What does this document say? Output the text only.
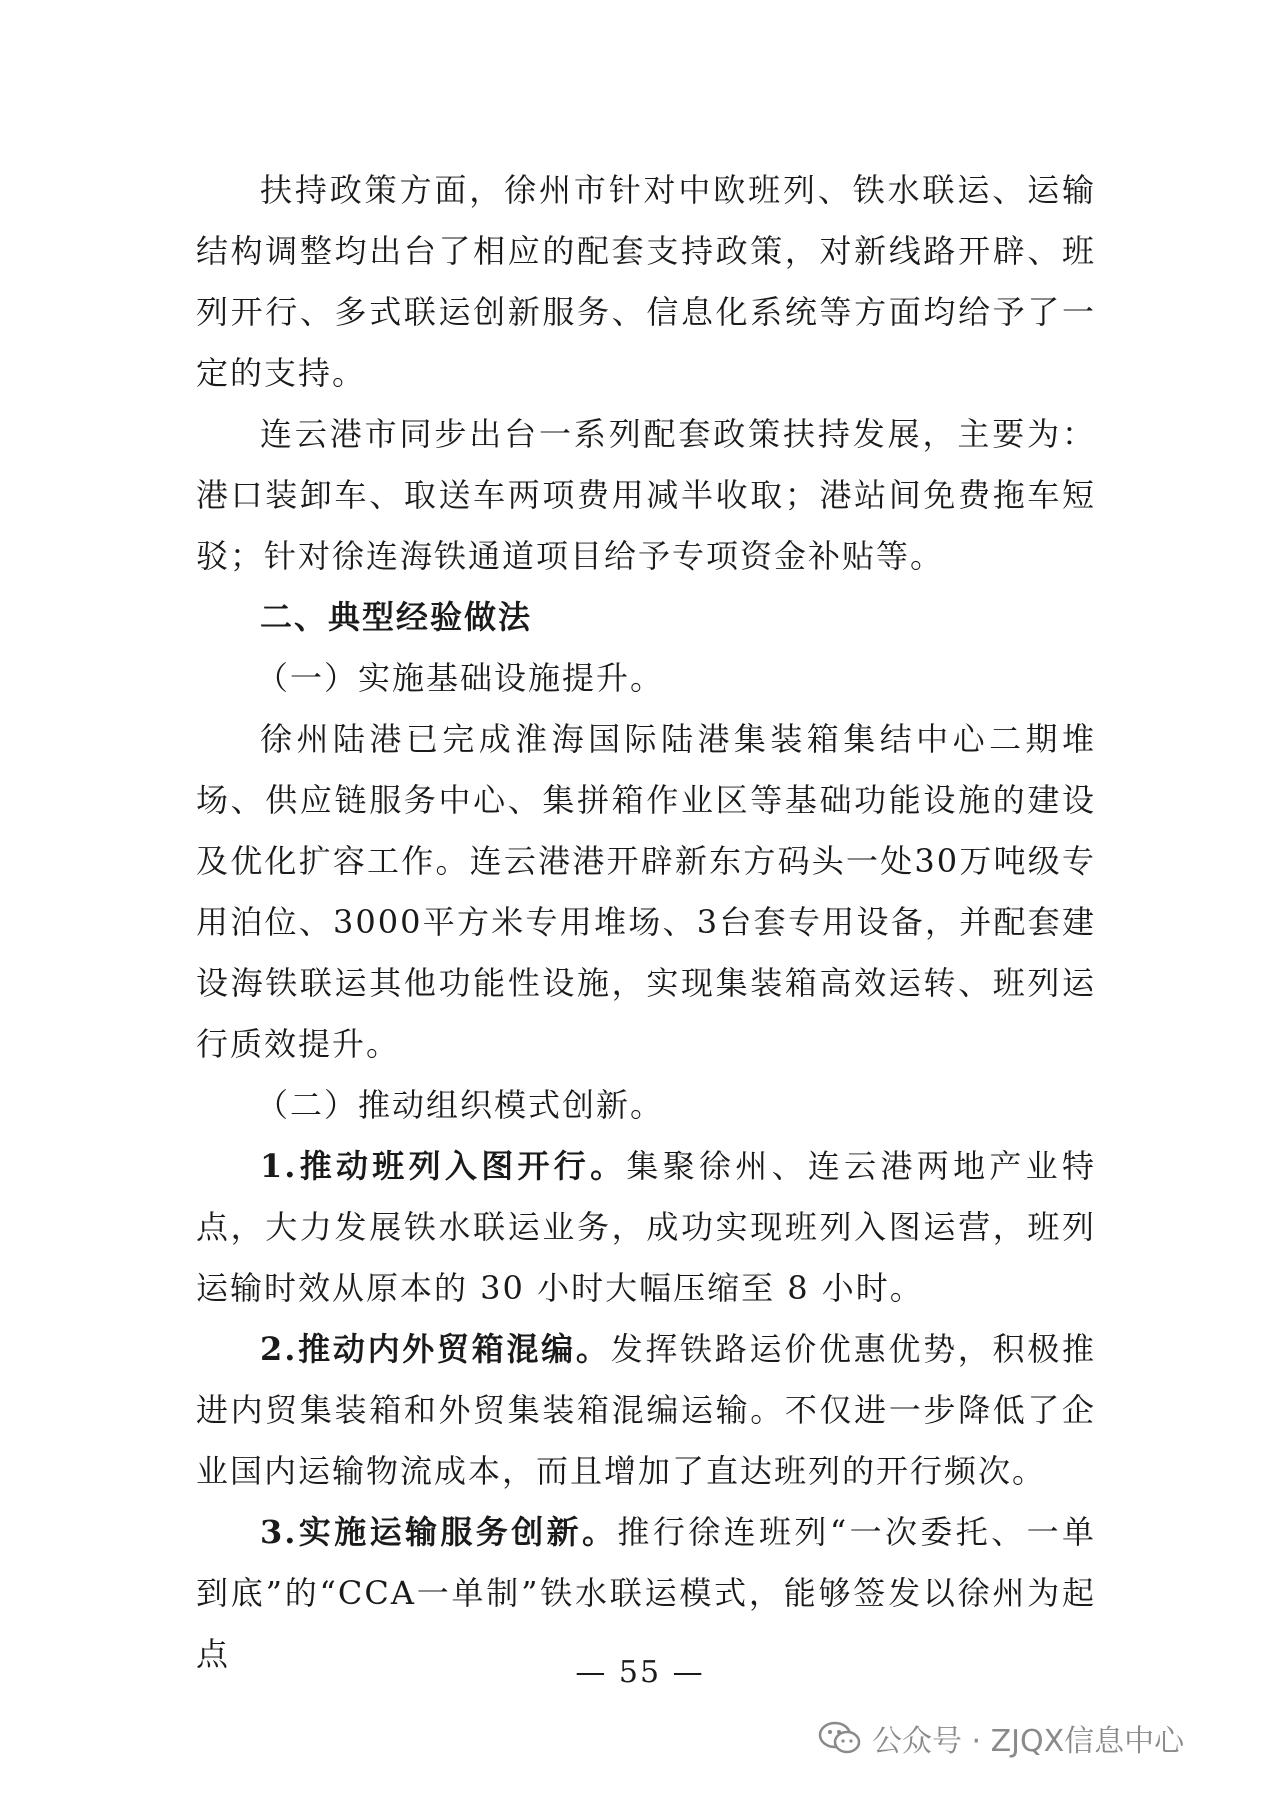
扶持政策方面，徐州市针对中欧班列、铁水联运、运输结构调整均出台了相应的配套支持政策，对新线路开辟、班列开行、多式联运创新服务、信息化系统等方面均给予了一定的支持。

连云港市同步出台一系列配套政策扶持发展，主要为：港口装卸车、取送车两项费用减半收取；港站间免费拖车短驳；针对徐连海铁通道项目给予专项资金补贴等。

二、典型经验做法

（一）实施基础设施提升。

徐州陆港已完成淮海国际陆港集装箱集结中心二期堆场、供应链服务中心、集拼箱作业区等基础功能设施的建设及优化扩容工作。连云港港开辟新东方码头一处30万吨级专用泊位、3000平方米专用堆场、3台套专用设备，并配套建设海铁联运其他功能性设施，实现集装箱高效运转、班列运行质效提升。

（二）推动组织模式创新。

1.推动班列入图开行。集聚徐州、连云港两地产业特点，大力发展铁水联运业务，成功实现班列入图运营，班列运输时效从原本的 30 小时大幅压缩至 8 小时。

2.推动内外贸箱混编。发挥铁路运价优惠优势，积极推进内贸集装箱和外贸集装箱混编运输。不仅进一步降低了企业国内运输物流成本，而且增加了直达班列的开行频次。

3.实施运输服务创新。推行徐连班列“一次委托、一单到底”的“CCA一单制”铁水联运模式，能够签发以徐州为起点	— 55 —
公众号 · ZJQX信息中心
